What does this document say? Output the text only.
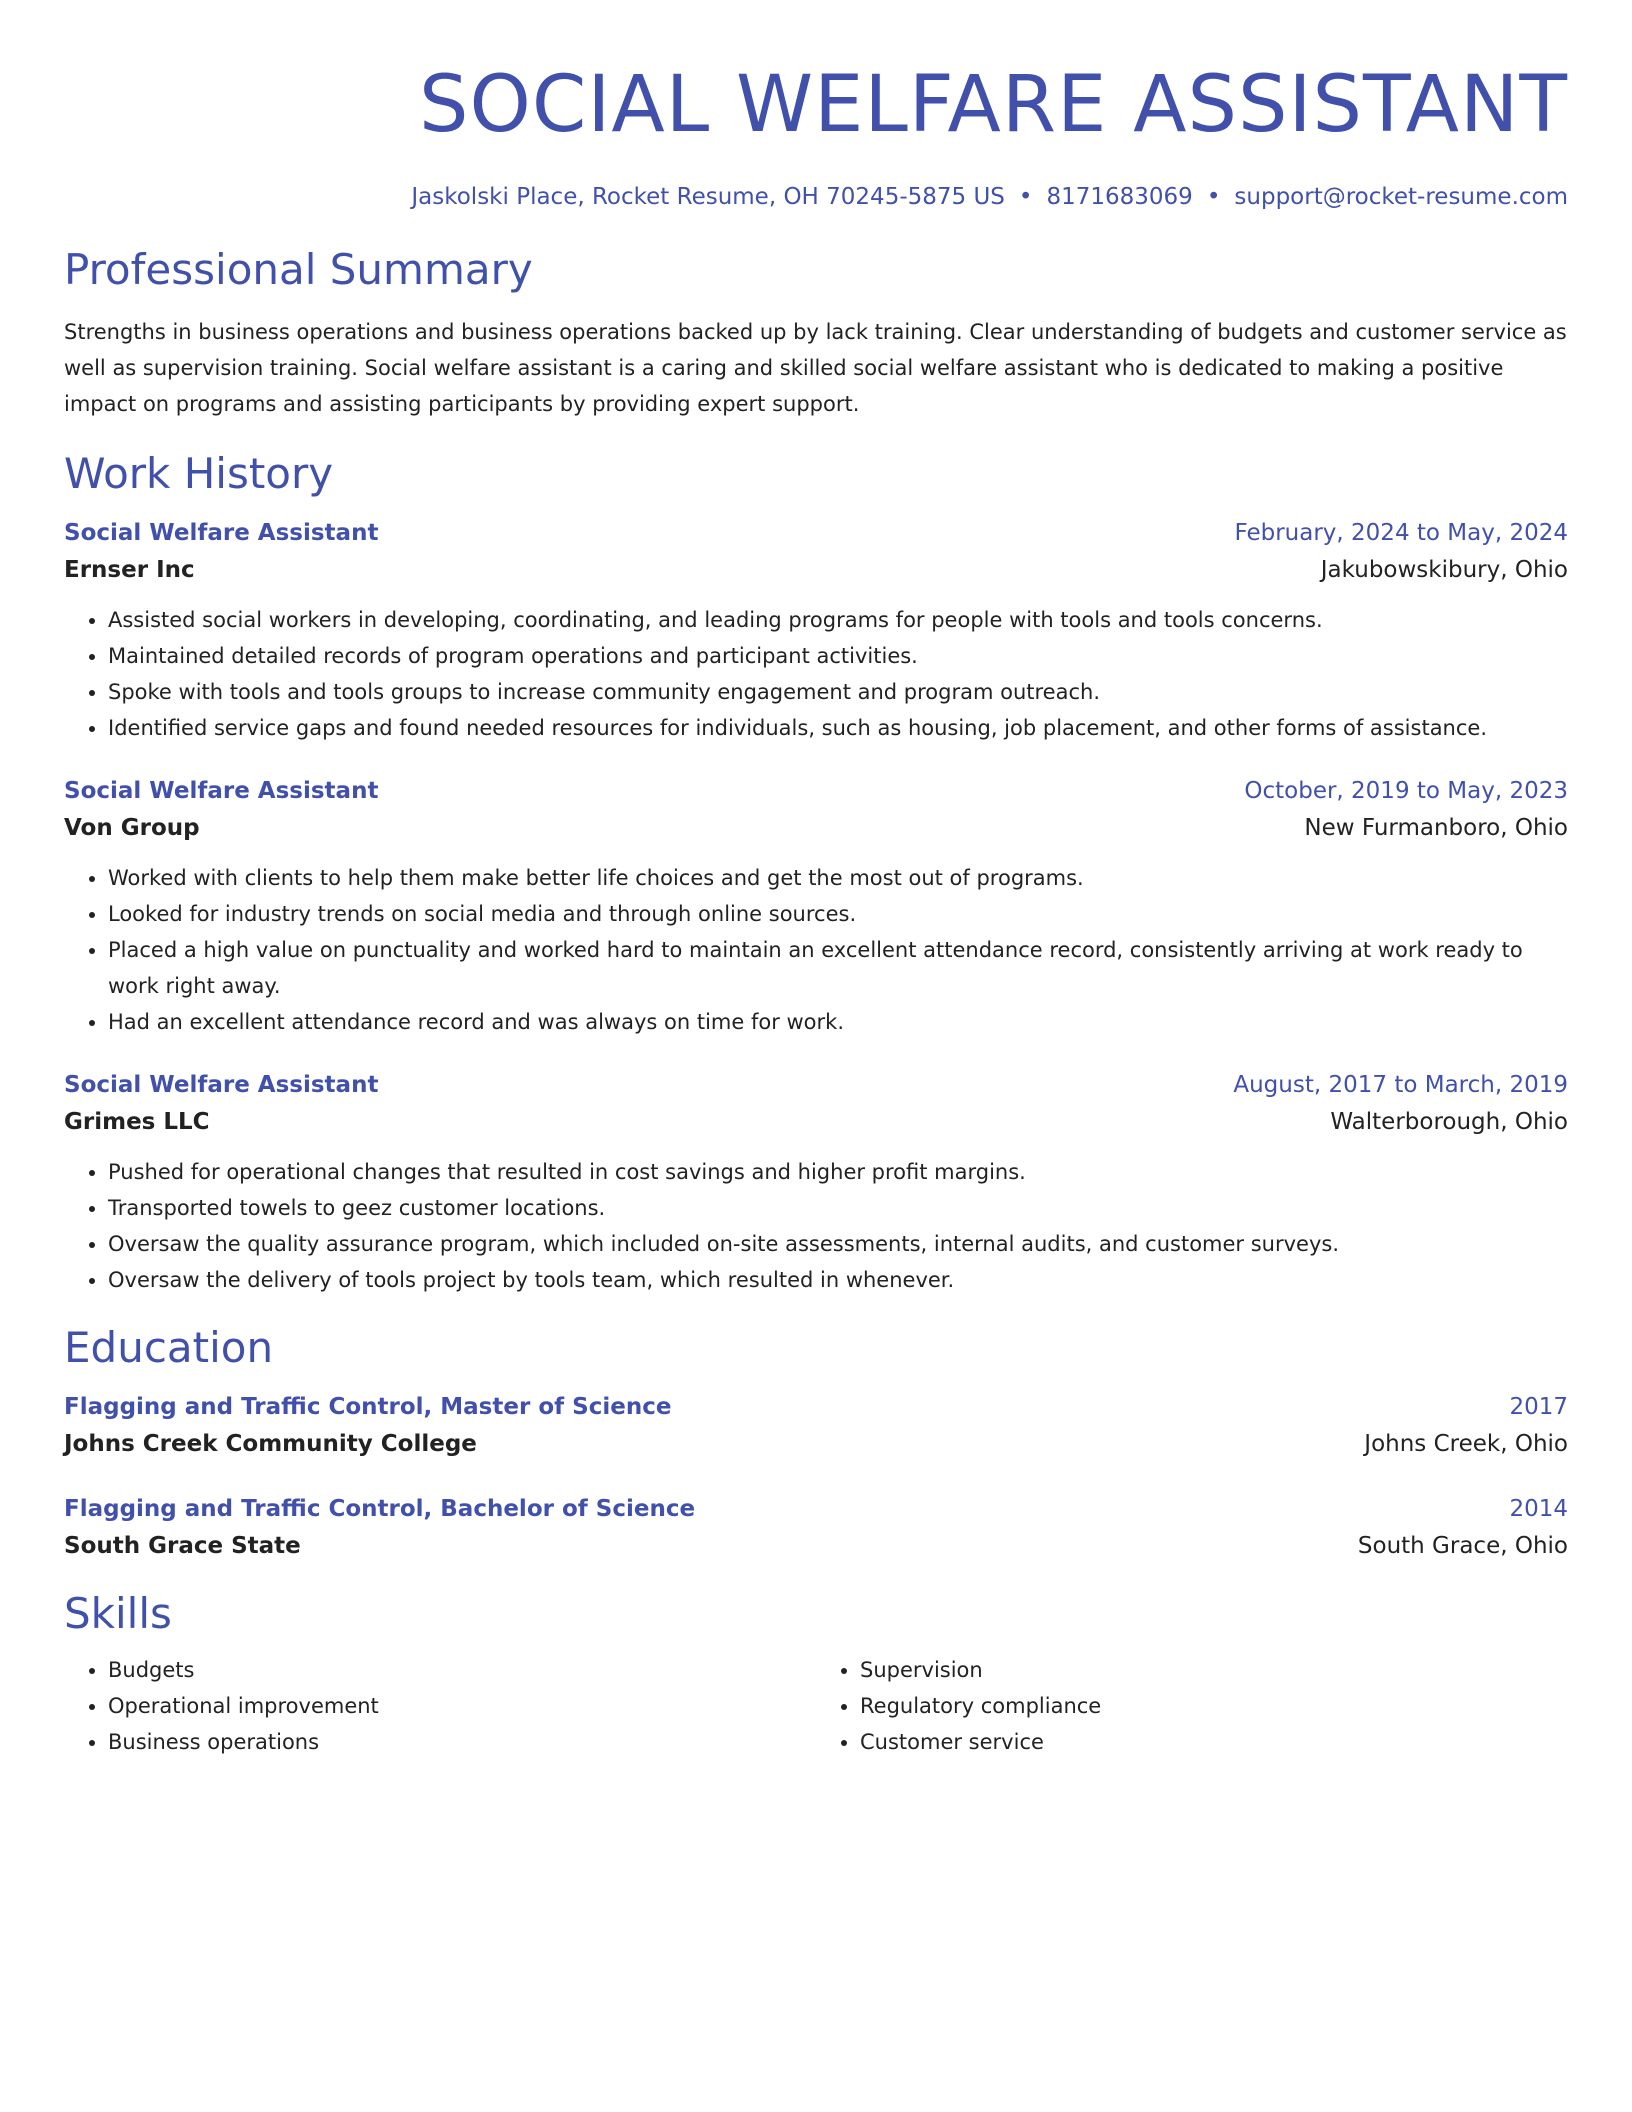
SOCIAL WELFARE ASSISTANT
Jaskolski Place, Rocket Resume, OH 70245-5875 US • 8171683069 • support@rocket-resume.com
Professional Summary

Strengths in business operations and business operations backed up by lack training. Clear understanding of budgets and customer service as well as supervision training. Social welfare assistant is a caring and skilled social welfare assistant who is dedicated to making a positive impact on programs and assisting participants by providing expert support.

Work History
Social Welfare Assistant	February, 2024 to May, 2024
Ernser Inc	Jakubowskibury, Ohio
• Assisted social workers in developing, coordinating, and leading programs for people with tools and tools concerns.
• Maintained detailed records of program operations and participant activities.
• Spoke with tools and tools groups to increase community engagement and program outreach.
• Identified service gaps and found needed resources for individuals, such as housing, job placement, and other forms of assistance.
Social Welfare Assistant	October, 2019 to May, 2023
Von Group	New Furmanboro, Ohio
• Worked with clients to help them make better life choices and get the most out of programs.
• Looked for industry trends on social media and through online sources.
• Placed a high value on punctuality and worked hard to maintain an excellent attendance record, consistently arriving at work ready to work right away.
• Had an excellent attendance record and was always on time for work.
Social Welfare Assistant	August, 2017 to March, 2019
Grimes LLC	Walterborough, Ohio
• Pushed for operational changes that resulted in cost savings and higher profit margins.
• Transported towels to geez customer locations.
• Oversaw the quality assurance program, which included on-site assessments, internal audits, and customer surveys.
• Oversaw the delivery of tools project by tools team, which resulted in whenever.
Education
Flagging and Traffic Control, Master of Science	2017
Johns Creek Community College	Johns Creek, Ohio
Flagging and Traffic Control, Bachelor of Science	2014
South Grace State	South Grace, Ohio
Skills
• Budgets
• Operational improvement
• Business operations
• Supervision
• Regulatory compliance
• Customer service
